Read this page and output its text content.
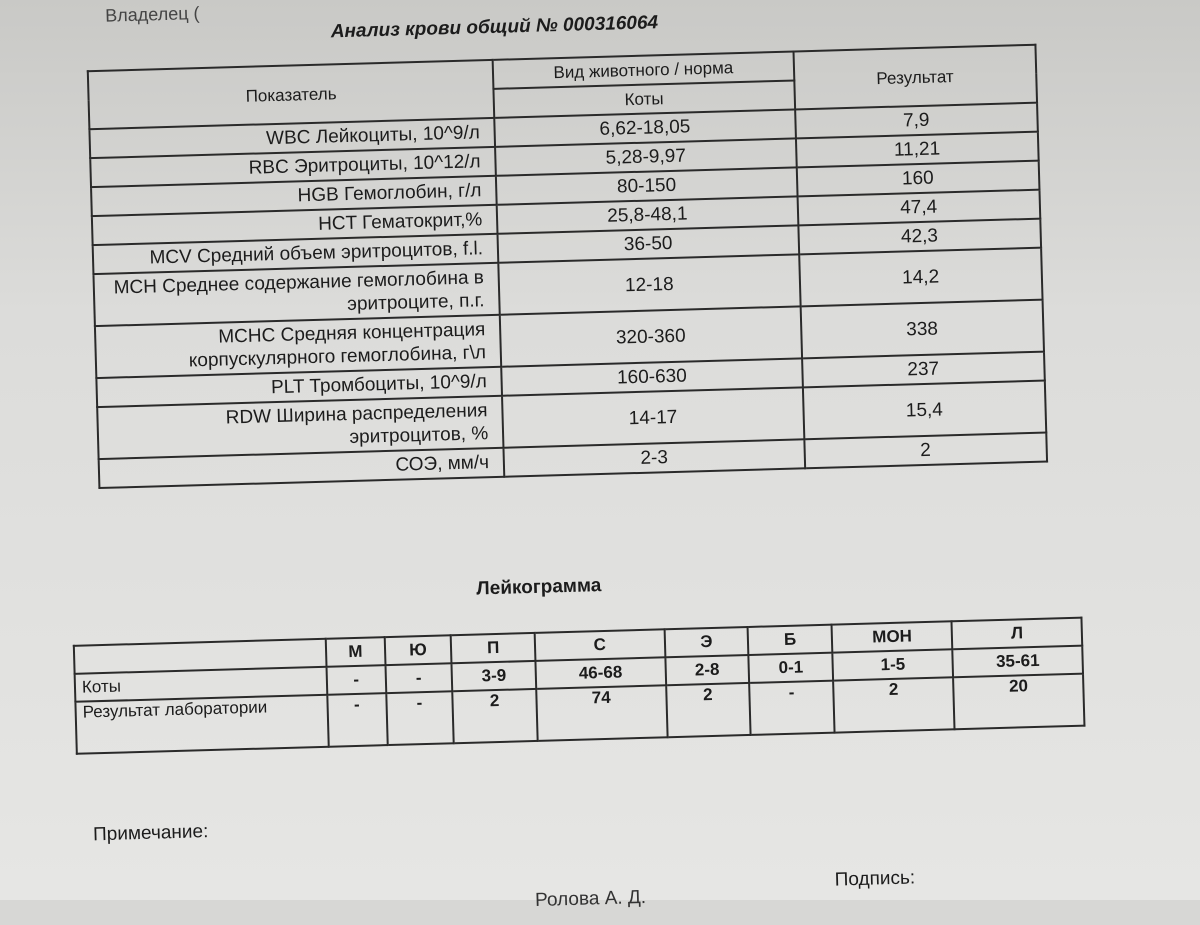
Владелец (	Анализ крови общий № 000316064
Показатель	Вид животного / норма	Результат
	Коты	
WBC Лейкоциты, 10^9/л	6,62-18,05	7,9
RBC Эритроциты, 10^12/л	5,28-9,97	11,21
HGB Гемоглобин, г/л	80-150	160
HCT Гематокрит,%	25,8-48,1	47,4
MCV Средний объем эритроцитов, f.l.	36-50	42,3
MCH Среднее содержание гемоглобина в эритроците, п.г.	12-18	14,2
MCHC Средняя концентрация корпускулярного гемоглобина, г\л	320-360	338
PLT Тромбоциты, 10^9/л	160-630	237
RDW Ширина распределения эритроцитов, %	14-17	15,4
СОЭ, мм/ч	2-3	2
Лейкограмма
	М	Ю	П	С	Э	Б	МОН	Л
Коты	-	-	3-9	46-68	2-8	0-1	1-5	35-61
Результат лаборатории	-	-	2	74	2	-	2	20
Примечание:
Ролова А. Д.
Подпись:
